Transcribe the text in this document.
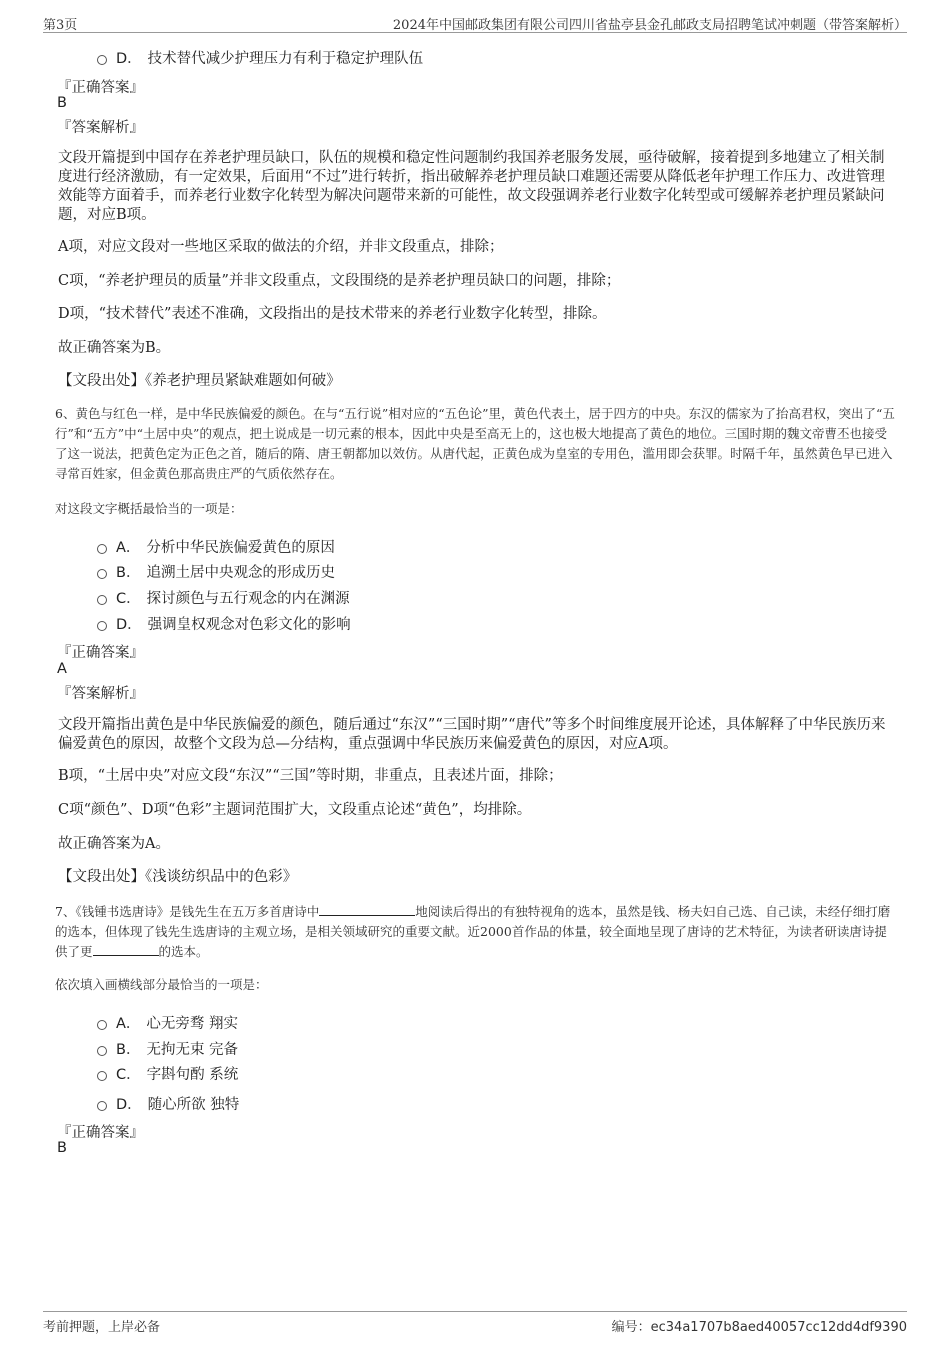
第3页	2024年中国邮政集团有限公司四川省盐亭县金孔邮政支局招聘笔试冲刺题（带答案解析）
D． 技术替代减少护理压力有利于稳定护理队伍
『正确答案』
B
『答案解析』
文段开篇提到中国存在养老护理员缺口，队伍的规模和稳定性问题制约我国养老服务发展，亟待破解，接着提到多地建立了相关制度进行经济激励，有一定效果，后面用“不过”进行转折，指出破解养老护理员缺口难题还需要从降低老年护理工作压力、改进管理效能等方面着手，而养老行业数字化转型为解决问题带来新的可能性，故文段强调养老行业数字化转型或可缓解养老护理员紧缺问题，对应B项。
A项，对应文段对一些地区采取的做法的介绍，并非文段重点，排除；
C项，“养老护理员的质量”并非文段重点，文段围绕的是养老护理员缺口的问题，排除；
D项，“技术替代”表述不准确，文段指出的是技术带来的养老行业数字化转型，排除。
故正确答案为B。
【文段出处】《养老护理员紧缺难题如何破》
6、黄色与红色一样，是中华民族偏爱的颜色。在与“五行说”相对应的“五色论”里，黄色代表土，居于四方的中央。东汉的儒家为了抬高君权，突出了“五行”和“五方”中“土居中央”的观点，把土说成是一切元素的根本，因此中央是至高无上的，这也极大地提高了黄色的地位。三国时期的魏文帝曹丕也接受了这一说法，把黄色定为正色之首，随后的隋、唐王朝都加以效仿。从唐代起，正黄色成为皇室的专用色，滥用即会获罪。时隔千年，虽然黄色早已进入寻常百姓家，但金黄色那高贵庄严的气质依然存在。
对这段文字概括最恰当的一项是：
A． 分析中华民族偏爱黄色的原因
B． 追溯土居中央观念的形成历史
C． 探讨颜色与五行观念的内在渊源
D． 强调皇权观念对色彩文化的影响
『正确答案』
A
『答案解析』
文段开篇指出黄色是中华民族偏爱的颜色，随后通过“东汉”“三国时期”“唐代”等多个时间维度展开论述，具体解释了中华民族历来偏爱黄色的原因，故整个文段为总—分结构，重点强调中华民族历来偏爱黄色的原因，对应A项。
B项，“土居中央”对应文段“东汉”“三国”等时期，非重点，且表述片面，排除；
C项“颜色”、D项“色彩”主题词范围扩大，文段重点论述“黄色”，均排除。
故正确答案为A。
【文段出处】《浅谈纺织品中的色彩》
7、《钱锺书选唐诗》是钱先生在五万多首唐诗中	地阅读后得出的有独特视角的选本，虽然是钱、杨夫妇自己选、自己读，未经仔细打磨的选本，但体现了钱先生选唐诗的主观立场，是相关领域研究的重要文献。近2000首作品的体量，较全面地呈现了唐诗的艺术特征，为读者研读唐诗提供了更	的选本。
依次填入画横线部分最恰当的一项是：
A． 心无旁骛 翔实
B． 无拘无束 完备
C． 字斟句酌 系统
D． 随心所欲 独特
『正确答案』
B
考前押题，上岸必备	编号：ec34a1707b8aed40057cc12dd4df9390
